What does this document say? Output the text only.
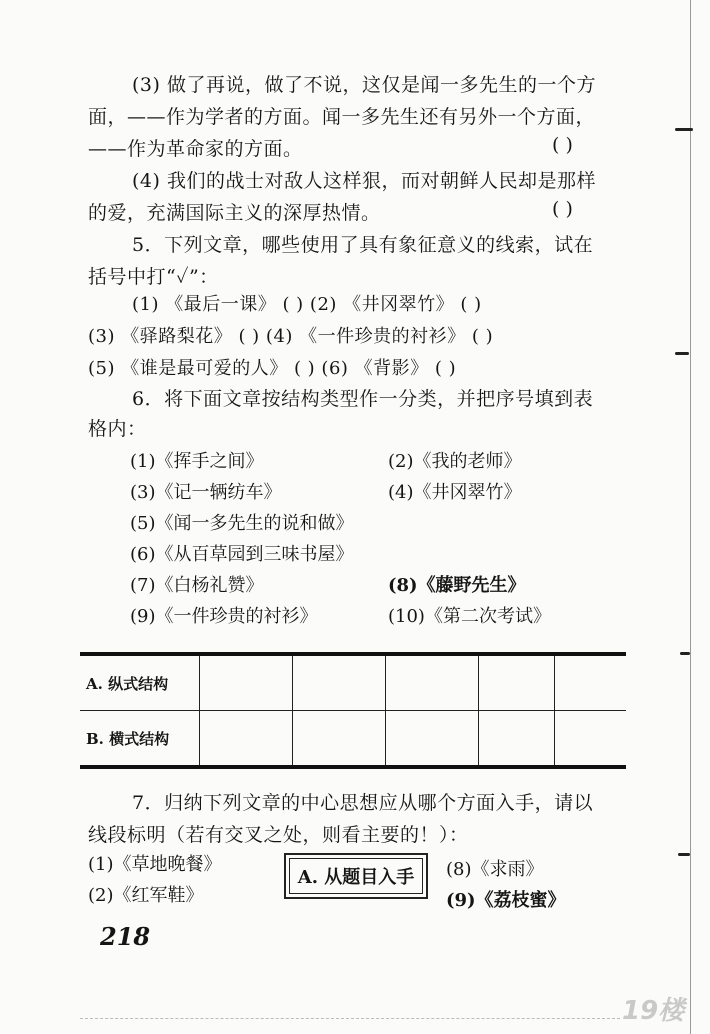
(3) 做了再说，做了不说，这仅是闻一多先生的一个方
面，——作为学者的方面。闻一多先生还有另外一个方面，
——作为革命家的方面。	( )
(4) 我们的战士对敌人这样狠，而对朝鲜人民却是那样
的爱，充满国际主义的深厚热情。	( )
5．下列文章，哪些使用了具有象征意义的线索，试在
括号中打“✓”：
(1) 《最后一课》 ( ) (2) 《井冈翠竹》 ( )
(3) 《驿路梨花》 ( ) (4) 《一件珍贵的衬衫》 ( )
(5) 《谁是最可爱的人》 ( ) (6) 《背影》 ( )
6．将下面文章按结构类型作一分类，并把序号填到表
格内：
(1)《挥手之间》	(2)《我的老师》
(3)《记一辆纺车》	(4)《井冈翠竹》
(5)《闻一多先生的说和做》
(6)《从百草园到三味书屋》
(7)《白杨礼赞》	(8)《藤野先生》
(9)《一件珍贵的衬衫》	(10)《第二次考试》
A. 纵式结构					
B. 横式结构					
7．归纳下列文章的中心思想应从哪个方面入手，请以
线段标明（若有交叉之处，则看主要的！）：
(1)《草地晚餐》
(2)《红军鞋》
A. 从题目入手	(8)《求雨》
(9)《荔枝蜜》
218
19楼
